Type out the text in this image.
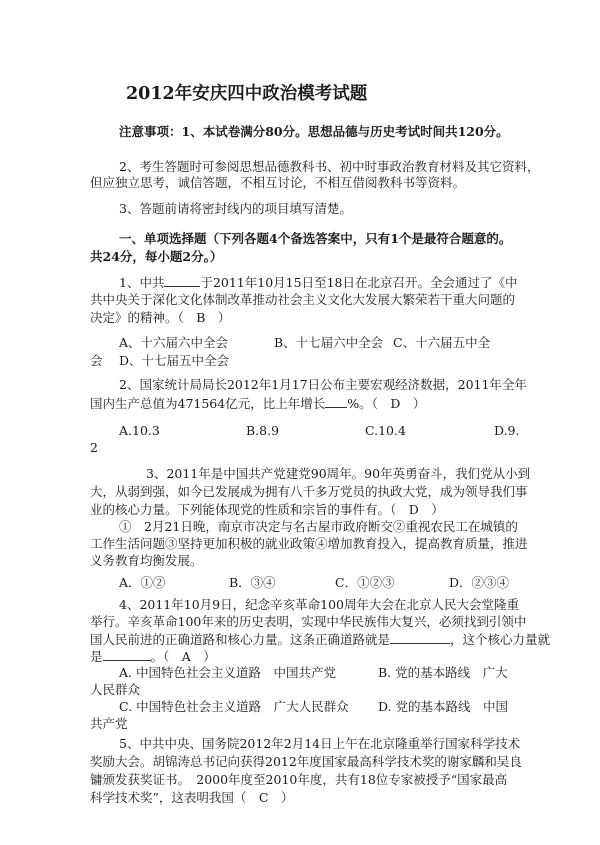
2012年安庆四中政治模考试题
注意事项：1、本试卷满分80分。思想品德与历史考试时间共120分。
2、考生答题时可参阅思想品德教科书、初中时事政治教育材料及其它资料，
但应独立思考，诚信答题，不相互讨论，不相互借阅教科书等资料。
3、答题前请将密封线内的项目填写清楚。
一、单项选择题（下列各题4个备选答案中，只有1个是最符合题意的。
共24分，每小题2分。）
1、中共	于2011年10月15日至18日在北京召开。全会通过了《中
共中央关于深化文化体制改革推动社会主义文化大发展大繁荣若干重大问题的
决定》的精神。（　B　）
A、十六届六中全会	B、十七届六中全会 C、十六届五中全
会 D、十七届五中全会
2、国家统计局局长2012年1月17日公布主要宏观经济数据，2011年全年
国内生产总值为471564亿元，比上年增长 %。（　D　）
A.10.3	B.8.9	C.10.4	D.9.
2
3、2011年是中国共产党建党90周年。90年英勇奋斗，我们党从小到
大，从弱到强，如今已发展成为拥有八千多万党员的执政大党，成为领导我们事
业的核心力量。下列能体现党的性质和宗旨的事件有。（　D　）
①　2月21日晚，南京市决定与名古屋市政府断交②重视农民工在城镇的
工作生活问题③坚持更加积极的就业政策④增加教育投入，提高教育质量，推进
义务教育均衡发展。
A．①②	B．③④	C．①②③	D．②③④
4、2011年10月9日，纪念辛亥革命100周年大会在北京人民大会堂隆重
举行。辛亥革命100年来的历史表明，实现中华民族伟大复兴，必须找到引领中
国人民前进的正确道路和核心力量。这条正确道路就是	，这个核心力量就
是	。（　A　）
A. 中国特色社会主义道路　中国共产党	B. 党的基本路线　广大
人民群众
C. 中国特色社会主义道路　广大人民群众 D. 党的基本路线　中国
共产党
5、中共中央、国务院2012年2月14日上午在北京隆重举行国家科学技术
奖励大会。胡锦涛总书记向获得2012年度国家最高科学技术奖的谢家麟和吴良
镛颁发获奖证书。　2000年度至2010年度，共有18位专家被授予“国家最高
科学技术奖”，这表明我国（　C　）
